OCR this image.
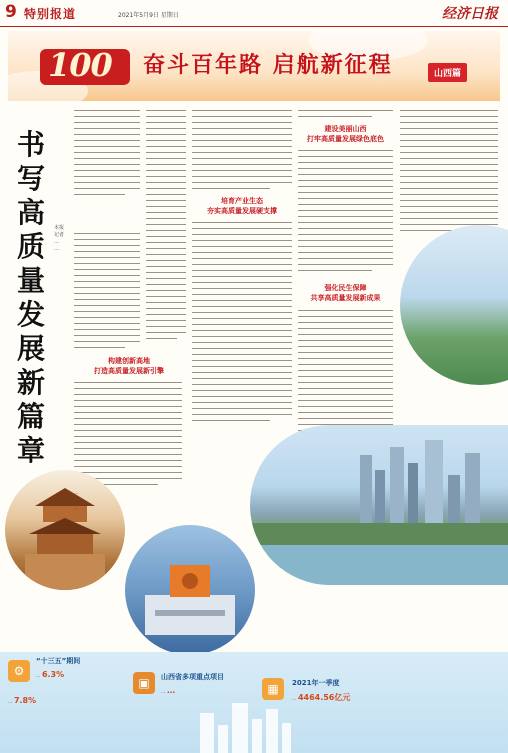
9 特别报道	2021年5月9日 星期日	经济日报
100 奋斗百年路 启航新征程	山西篇
书写高质量发展新篇章
本报记者 … …
构建创新高地
打造高质量发展新引擎
培育产业生态
夯实高质量发展硬支撑
建设美丽山西
打牢高质量发展绿色底色
强化民生保障
共享高质量发展新成果
…
…
…
⚙
“十三五”期间
… 6.3%
… 7.8%
▣	山西省多项重点项目
… …	▦	2021年一季度
… 4464.56亿元
